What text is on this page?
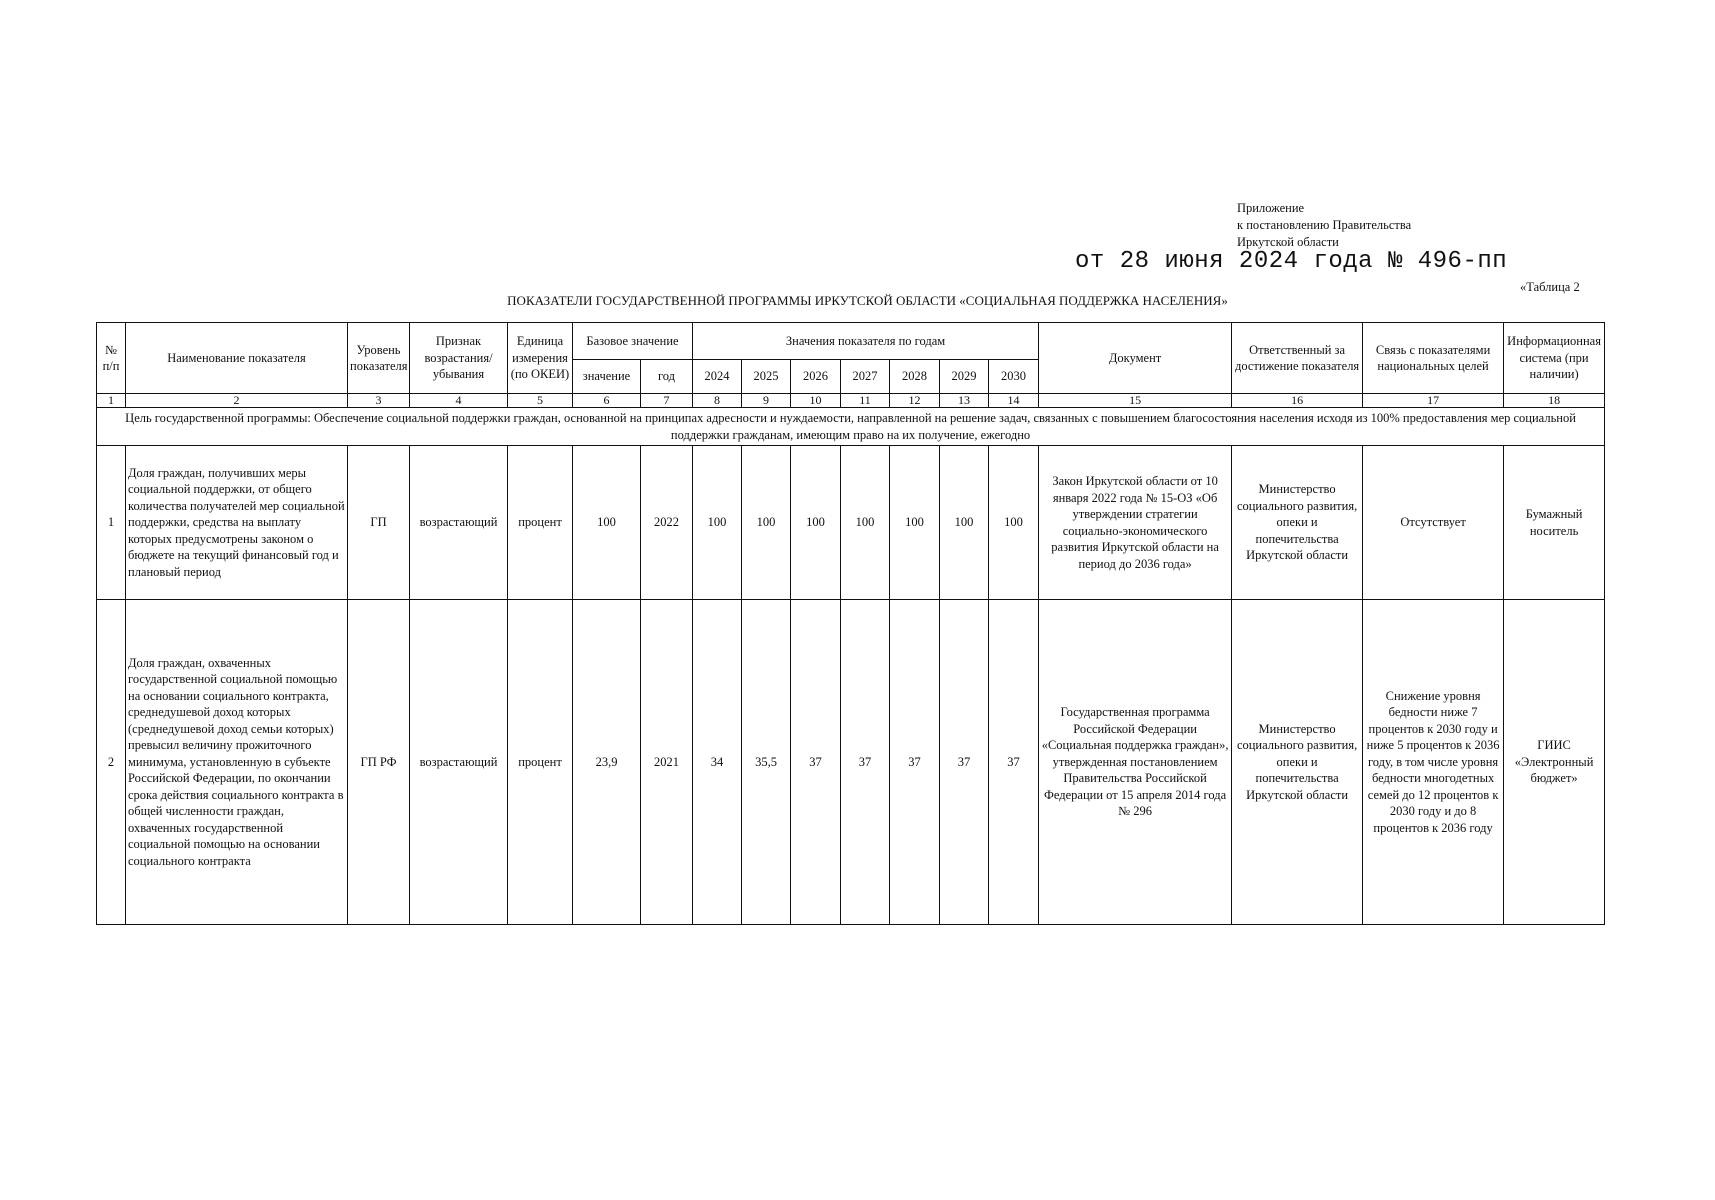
Приложение
к постановлению Правительства
Иркутской области
от 28 июня 2024 года № 496-пп
«Таблица 2
ПОКАЗАТЕЛИ ГОСУДАРСТВЕННОЙ ПРОГРАММЫ ИРКУТСКОЙ ОБЛАСТИ «СОЦИАЛЬНАЯ ПОДДЕРЖКА НАСЕЛЕНИЯ»
№ п/п	Наименование показателя	Уровень показателя	Признак возрастания/убывания	Единица измерения (по ОКЕИ)	Базовое значение		Значения показателя по годам							Документ	Ответственный за достижение показателя	Связь с показателями национальных целей	Информационная система (при наличии)
					значение	год	2024	2025	2026	2027	2028	2029	2030				
1	2	3	4	5	6	7	8	9	10	11	12	13	14	15	16	17	18
Цель государственной программы: Обеспечение социальной поддержки граждан, основанной на принципах адресности и нуждаемости, направленной на решение задач, связанных с повышением благосостояния населения исходя из 100% предоставления мер социальной поддержки гражданам, имеющим право на их получение, ежегодно																	
1	Доля граждан, получивших меры социальной поддержки, от общего количества получателей мер социальной поддержки, средства на выплату которых предусмотрены законом о бюджете на текущий финансовый год и плановый период	ГП	возрастающий	процент	100	2022	100	100	100	100	100	100	100	Закон Иркутской области от 10 января 2022 года № 15-ОЗ «Об утверждении стратегии социально-экономического развития Иркутской области на период до 2036 года»	Министерство социального развития, опеки и попечительства Иркутской области	Отсутствует	Бумажный носитель
2	Доля граждан, охваченных государственной социальной помощью на основании социального контракта, среднедушевой доход которых (среднедушевой доход семьи которых) превысил величину прожиточного минимума, установленную в субъекте Российской Федерации, по окончании срока действия социального контракта в общей численности граждан, охваченных государственной социальной помощью на основании социального контракта	ГП РФ	возрастающий	процент	23,9	2021	34	35,5	37	37	37	37	37	Государственная программа Российской Федерации «Социальная поддержка граждан», утвержденная постановлением Правительства Российской Федерации от 15 апреля 2014 года № 296	Министерство социального развития, опеки и попечительства Иркутской области	Снижение уровня бедности ниже 7 процентов к 2030 году и ниже 5 процентов к 2036 году, в том числе уровня бедности многодетных семей до 12 процентов к 2030 году и до 8 процентов к 2036 году	ГИИС «Электронный бюджет»
